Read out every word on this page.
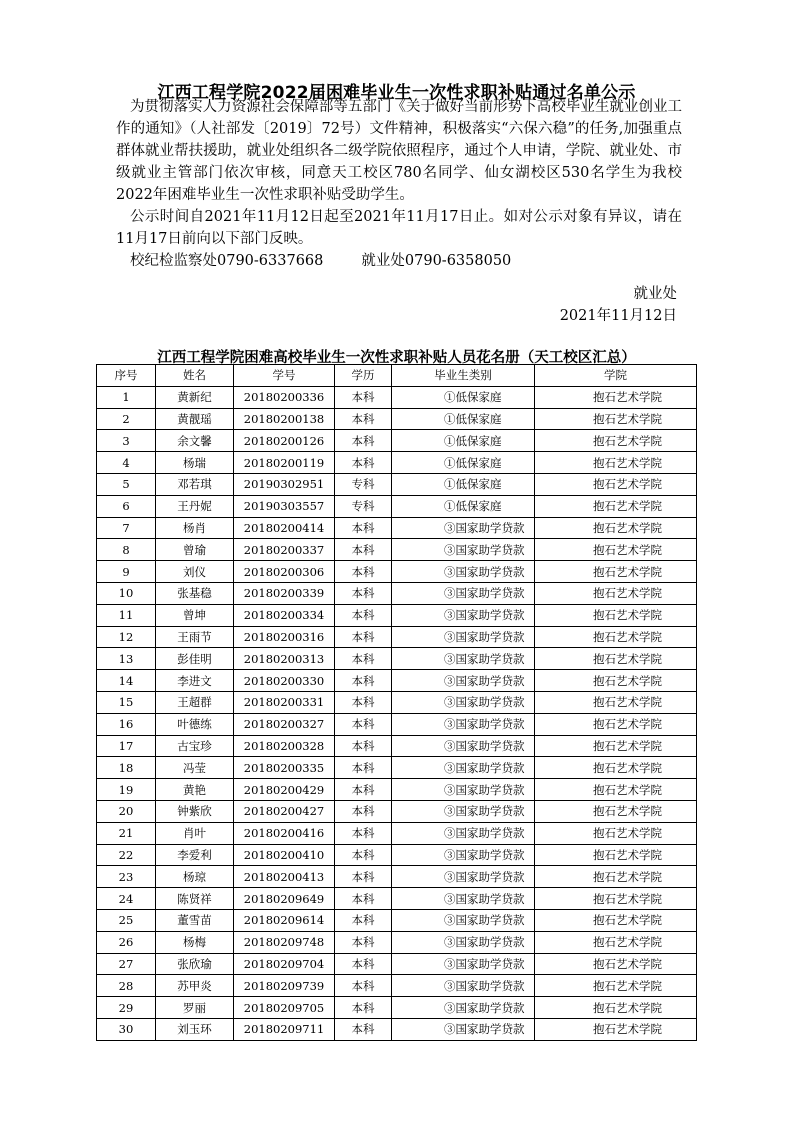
江西工程学院2022届困难毕业生一次性求职补贴通过名单公示

为贯彻落实人力资源社会保障部等五部门《关于做好当前形势下高校毕业生就业创业工作的通知》（人社部发〔2019〕72号）文件精神，积极落实“六保六稳”的任务,加强重点群体就业帮扶援助，就业处组织各二级学院依照程序，通过个人申请，学院、就业处、市级就业主管部门依次审核，同意天工校区780名同学、仙女湖校区530名学生为我校2022年困难毕业生一次性求职补贴受助学生。

公示时间自2021年11月12日起至2021年11月17日止。如对公示对象有异议，请在11月17日前向以下部门反映。

校纪检监察处0790-6337668	就业处0790-6358050
就业处
2021年11月12日
江西工程学院困难高校毕业生一次性求职补贴人员花名册（天工校区汇总）
序号	姓名	学号	学历	毕业生类别	学院
1	黄新纪	20180200336	本科	①低保家庭	抱石艺术学院
2	黄靓瑶	20180200138	本科	①低保家庭	抱石艺术学院
3	余文馨	20180200126	本科	①低保家庭	抱石艺术学院
4	杨瑞	20180200119	本科	①低保家庭	抱石艺术学院
5	邓若琪	20190302951	专科	①低保家庭	抱石艺术学院
6	王丹妮	20190303557	专科	①低保家庭	抱石艺术学院
7	杨肖	20180200414	本科	③国家助学贷款	抱石艺术学院
8	曾瑜	20180200337	本科	③国家助学贷款	抱石艺术学院
9	刘仪	20180200306	本科	③国家助学贷款	抱石艺术学院
10	张基稳	20180200339	本科	③国家助学贷款	抱石艺术学院
11	曾坤	20180200334	本科	③国家助学贷款	抱石艺术学院
12	王雨节	20180200316	本科	③国家助学贷款	抱石艺术学院
13	彭佳明	20180200313	本科	③国家助学贷款	抱石艺术学院
14	李进文	20180200330	本科	③国家助学贷款	抱石艺术学院
15	王超群	20180200331	本科	③国家助学贷款	抱石艺术学院
16	叶德练	20180200327	本科	③国家助学贷款	抱石艺术学院
17	古宝珍	20180200328	本科	③国家助学贷款	抱石艺术学院
18	冯莹	20180200335	本科	③国家助学贷款	抱石艺术学院
19	黄艳	20180200429	本科	③国家助学贷款	抱石艺术学院
20	钟紫欣	20180200427	本科	③国家助学贷款	抱石艺术学院
21	肖叶	20180200416	本科	③国家助学贷款	抱石艺术学院
22	李爱利	20180200410	本科	③国家助学贷款	抱石艺术学院
23	杨琼	20180200413	本科	③国家助学贷款	抱石艺术学院
24	陈贤祥	20180209649	本科	③国家助学贷款	抱石艺术学院
25	董雪苗	20180209614	本科	③国家助学贷款	抱石艺术学院
26	杨梅	20180209748	本科	③国家助学贷款	抱石艺术学院
27	张欣瑜	20180209704	本科	③国家助学贷款	抱石艺术学院
28	苏甲炎	20180209739	本科	③国家助学贷款	抱石艺术学院
29	罗丽	20180209705	本科	③国家助学贷款	抱石艺术学院
30	刘玉环	20180209711	本科	③国家助学贷款	抱石艺术学院
